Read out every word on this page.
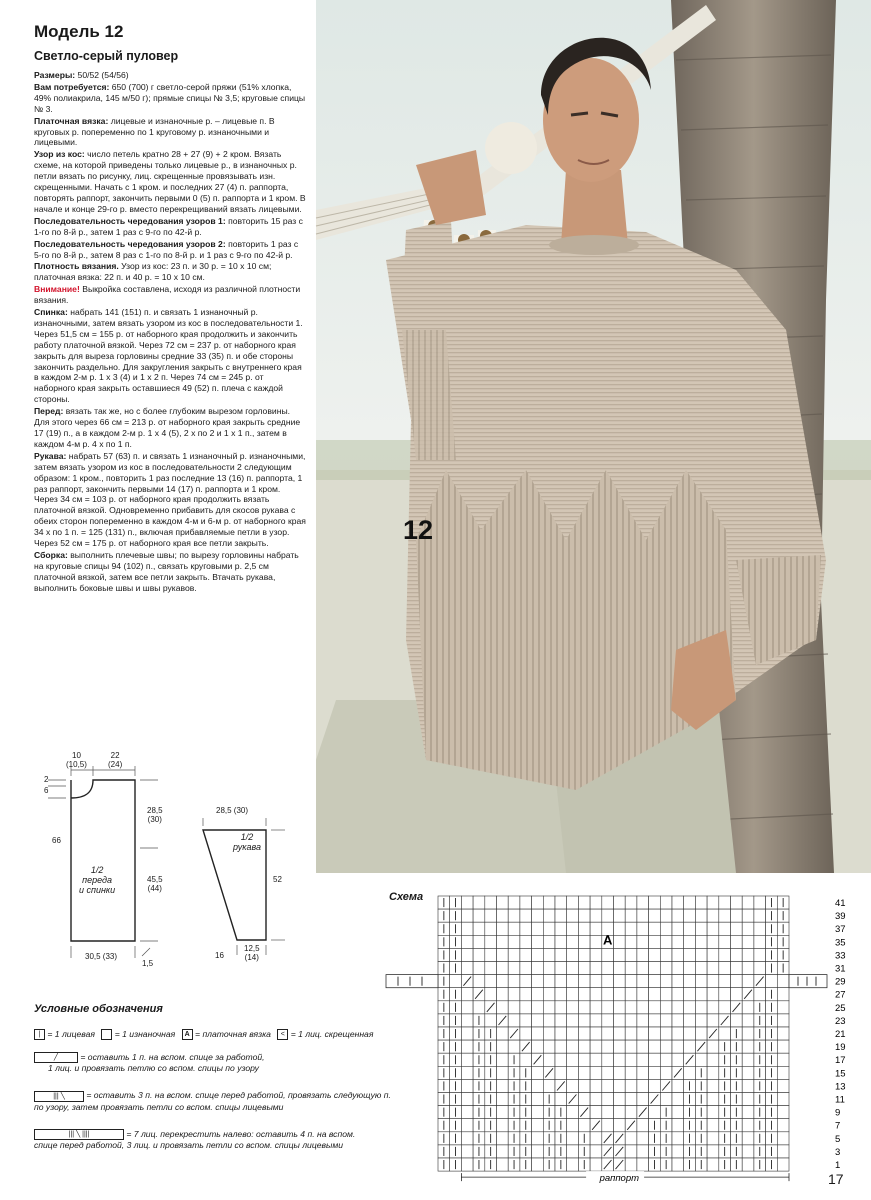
Модель 12
Светло-серый пуловер
Размеры: 50/52 (54/56)
Вам потребуется: 650 (700) г светло-серой пряжи (51% хлопка, 49% полиакрила, 145 м/50 г); прямые спицы № 3,5; круговые спицы № 3.
Платочная вязка: лицевые и изнаночные р. – лицевые п. В круговых р. попеременно по 1 круговому р. изнаночными и лицевыми.
Узор из кос: число петель кратно 28 + 27 (9) + 2 кром. Вязать схеме, на которой приведены только лицевые р., в изнаночных р. петли вязать по рисунку, лиц. скрещенные провязывать изн. скрещенными. Начать с 1 кром. и последних 27 (4) п. раппорта, повторять раппорт, закончить первыми 0 (5) п. раппорта и 1 кром. В начале и конце 29-го р. вместо перекрещиваний вязать лицевыми.
Последовательность чередования узоров 1: повторить 15 раз с 1-го по 8-й р., затем 1 раз с 9-го по 42-й р.
Последовательность чередования узоров 2: повторить 1 раз с 5-го по 8-й р., затем 8 раз с 1-го по 8-й р. и 1 раз с 9-го по 42-й р.
Плотность вязания. Узор из кос: 23 п. и 30 р. = 10 х 10 см; платочная вязка: 22 п. и 40 р. = 10 х 10 см.
Внимание! Выкройка составлена, исходя из различной плотности вязания.
Спинка: набрать 141 (151) п. и связать 1 изнаночный р. изнаночными, затем вязать узором из кос в последовательности 1. Через 51,5 см = 155 р. от наборного края продолжить и закончить работу платочной вязкой. Через 72 см = 237 р. от наборного края закрыть для выреза горловины средние 33 (35) п. и обе стороны закончить раздельно. Для закругления закрыть с внутреннего края в каждом 2-м р. 1 х 3 (4) и 1 х 2 п. Через 74 см = 245 р. от наборного края закрыть оставшиеся 49 (52) п. плеча с каждой стороны.
Перед: вязать так же, но с более глубоким вырезом горловины. Для этого через 66 см = 213 р. от наборного края закрыть средние 17 (19) п., а в каждом 2-м р. 1 х 4 (5), 2 х по 2 и 1 х 1 п., затем в каждом 4-м р. 4 х по 1 п.
Рукава: набрать 57 (63) п. и связать 1 изнаночный р. изнаночными, затем вязать узором из кос в последовательности 2 следующим образом: 1 кром., повторить 1 раз последние 13 (16) п. раппорта, 1 раз раппорт, закончить первыми 14 (17) п. раппорта и 1 кром. Через 34 см = 103 р. от наборного края продолжить вязать платочной вязкой. Одновременно прибавить для скосов рукава с обеих сторон попеременно в каждом 4-м и 6-м р. от наборного края 34 х по 1 п. = 125 (131) п., включая прибавляемые петли в узор. Через 52 см = 175 р. от наборного края все петли закрыть.
Сборка: выполнить плечевые швы; по вырезу горловины набрать на круговые спицы 94 (102) п., связать круговыми р. 2,5 см платочной вязкой, затем все петли закрыть. Втачать рукава, выполнить боковые швы и швы рукавов.
12
10
(10,5)
22
(24)
2
6
66
28,5
(30)
45,5
(44)
1/2
переда
и спинки
30,5 (33)
1,5
28,5 (30)
1/2
рукава
52
16
12,5
(14)
Условные обозначения
| = 1 лицевая = 1 изнаночная A = платочная вязка < = 1 лиц. скрещенная
╱	= оставить 1 п. на вспом. спице за работой,
1 лиц. и провязать петлю со вспом. спицы по узору
||| ╲	= оставить 3 п. на вспом. спице перед работой, провязать следующую п.
по узору, затем провязать петли со вспом. спицы лицевыми
||| ╲ ||||	= 7 лиц. перекрестить налево: оставить 4 п. на вспом.
спице перед работой, 3 лиц. и провязать петли со вспом. спицы лицевыми
Схема
A
41
39
37
35
33
31
29
27
25
23
21
19
17
15
13
11
9
7
5
3
1
раппорт	17
